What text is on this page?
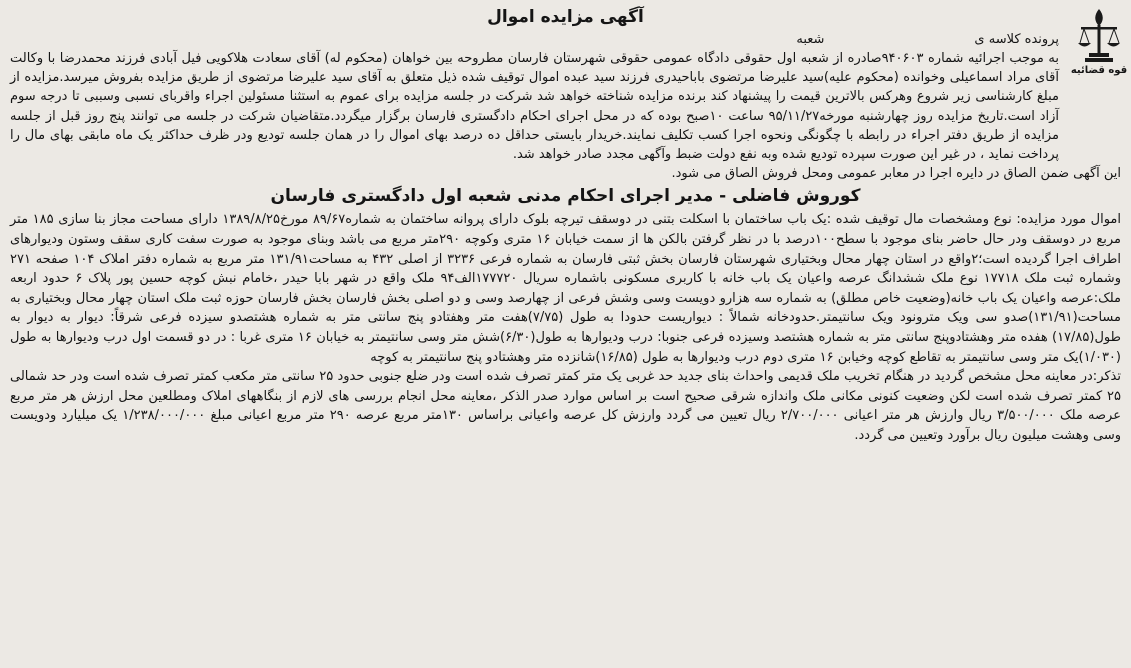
قوه قضائیه
آگهی مزایده اموال
پرونده کلاسه ی
شعبه

به موجب اجرائیه شماره ۹۴۰۶۰۳صادره از شعبه اول حقوقی دادگاه عمومی حقوقی شهرستان فارسان مطروحه بین خواهان (محکوم له) آقای سعادت هلاکویی فیل آبادی فرزند محمدرضا با وکالت آقای مراد اسماعیلی وخوانده (محکوم علیه)سید علیرضا مرتضوی باباحیدری فرزند سید عبده اموال توقیف شده ذیل متعلق به آقای سید علیرضا مرتضوی از طریق مزایده بفروش میرسد.مزایده از مبلغ کارشناسی زیر شروع وهرکس بالاترین قیمت را پیشنهاد کند برنده مزایده شناخته خواهد شد شرکت در جلسه مزایده برای عموم به استثنا مسئولین اجراء واقربای نسبی وسببی تا درجه سوم آزاد است.تاریخ مزایده روز چهارشنبه مورخه۹۵/۱۱/۲۷ ساعت ۱۰صبح بوده که در محل اجرای احکام دادگستری فارسان برگزار میگردد.متقاضیان شرکت در جلسه می توانند پنج روز قبل از جلسه مزایده از طریق دفتر اجراء در رابطه با چگونگی ونحوه اجرا کسب تکلیف نمایند.خریدار بایستی حداقل ده درصد بهای اموال را در همان جلسه تودیع ودر ظرف حداکثر یک ماه مابقی بهای مال را پرداخت نماید ، در غیر این صورت سپرده تودیع شده وبه نفع دولت ضبط وآگهی مجدد صادر خواهد شد.

این آگهی ضمن الصاق در دایره اجرا در معابر عمومی ومحل فروش الصاق می شود.

کوروش فاضلی - مدیر اجرای احکام مدنی شعبه اول دادگستری فارسان

اموال مورد مزایده: نوع ومشخصات مال توقیف شده :یک باب ساختمان با اسکلت بتنی در دوسقف تیرچه بلوک دارای پروانه ساختمان به شماره۸۹/۶۷ مورخ۱۳۸۹/۸/۲۵ دارای مساحت مجاز بنا سازی ۱۸۵ متر مربع در دوسقف ودر حال حاضر بنای موجود با سطح۱۰۰درصد با در نظر گرفتن بالکن ها از سمت خیابان ۱۶ متری وکوچه ۲۹۰متر مربع می باشد وبنای موجود به صورت سفت کاری سقف وستون ودیوارهای اطراف اجرا گردیده است؛۲واقع در استان چهار محال وبختیاری شهرستان فارسان بخش ثبتی فارسان به شماره فرعی ۳۲۳۶ از اصلی ۴۳۲ به مساحت۱۳۱/۹۱ متر مربع به شماره دفتر املاک ۱۰۴ صفحه ۲۷۱ وشماره ثبت ملک ۱۷۷۱۸ نوع ملک ششدانگ عرصه واعیان یک باب خانه با کاربری مسکونی باشماره سریال ۱۷۷۷۲۰الف۹۴ ملک واقع در شهر بابا حیدر ،خامام نبش کوچه حسین پور پلاک ۶ حدود اربعه ملک:عرصه واعیان یک باب خانه(وضعیت خاص مطلق) به شماره سه هزارو دویست وسی وشش فرعی از چهارصد وسی و دو اصلی بخش فارسان بخش فارسان حوزه ثبت ملک استان چهار محال وبختیاری به مساحت(۱۳۱/۹۱)صدو سی ویک مترونود ویک سانتیمتر.حدودخانه شمالاً : دیواریست حدودا به طول (۷/۷۵)هفت متر وهفتادو پنج سانتی متر به شماره هشتصدو سیزده فرعی شرقاً: دیوار به دیوار به طول(۱۷/۸۵) هفده متر وهشتادوپنج سانتی متر به شماره هشتصد وسیزده فرعی جنوبا: درب ودیوارها به طول(۶/۳۰)شش متر وسی سانتیمتر به خیابان ۱۶ متری غربا : در دو قسمت اول درب ودیوارها به طول (۱/۰۳۰)یک متر وسی سانتیمتر به تقاطع کوچه وخیابن ۱۶ متری دوم درب ودیوارها به طول (۱۶/۸۵)شانزده متر وهشتادو پنج سانتیمتر به کوچه

تذکر:در معاینه محل مشخص گردید در هنگام تخریب ملک قدیمی واحداث بنای جدید حد غربی یک متر کمتر تصرف شده است ودر ضلع جنوبی حدود ۲۵ سانتی متر مکعب کمتر تصرف شده است ودر حد شمالی ۲۵ کمتر تصرف شده است لکن وضعیت کنونی مکانی ملک واندازه شرقی صحیح است بر اساس موارد صدر الذکر ،معاینه محل انجام بررسی های لازم از بنگاههای املاک ومطلعین محل ارزش هر متر مربع عرصه ملک ۳/۵۰۰/۰۰۰ ریال وارزش هر متر اعیانی ۲/۷۰۰/۰۰۰ ریال تعیین می گردد وارزش کل عرصه واعیانی براساس ۱۳۰متر مربع عرصه ۲۹۰ متر مربع اعیانی مبلغ ۱/۲۳۸/۰۰۰/۰۰۰ یک میلیارد ودویست وسی وهشت میلیون ریال برآورد وتعیین می گردد.
